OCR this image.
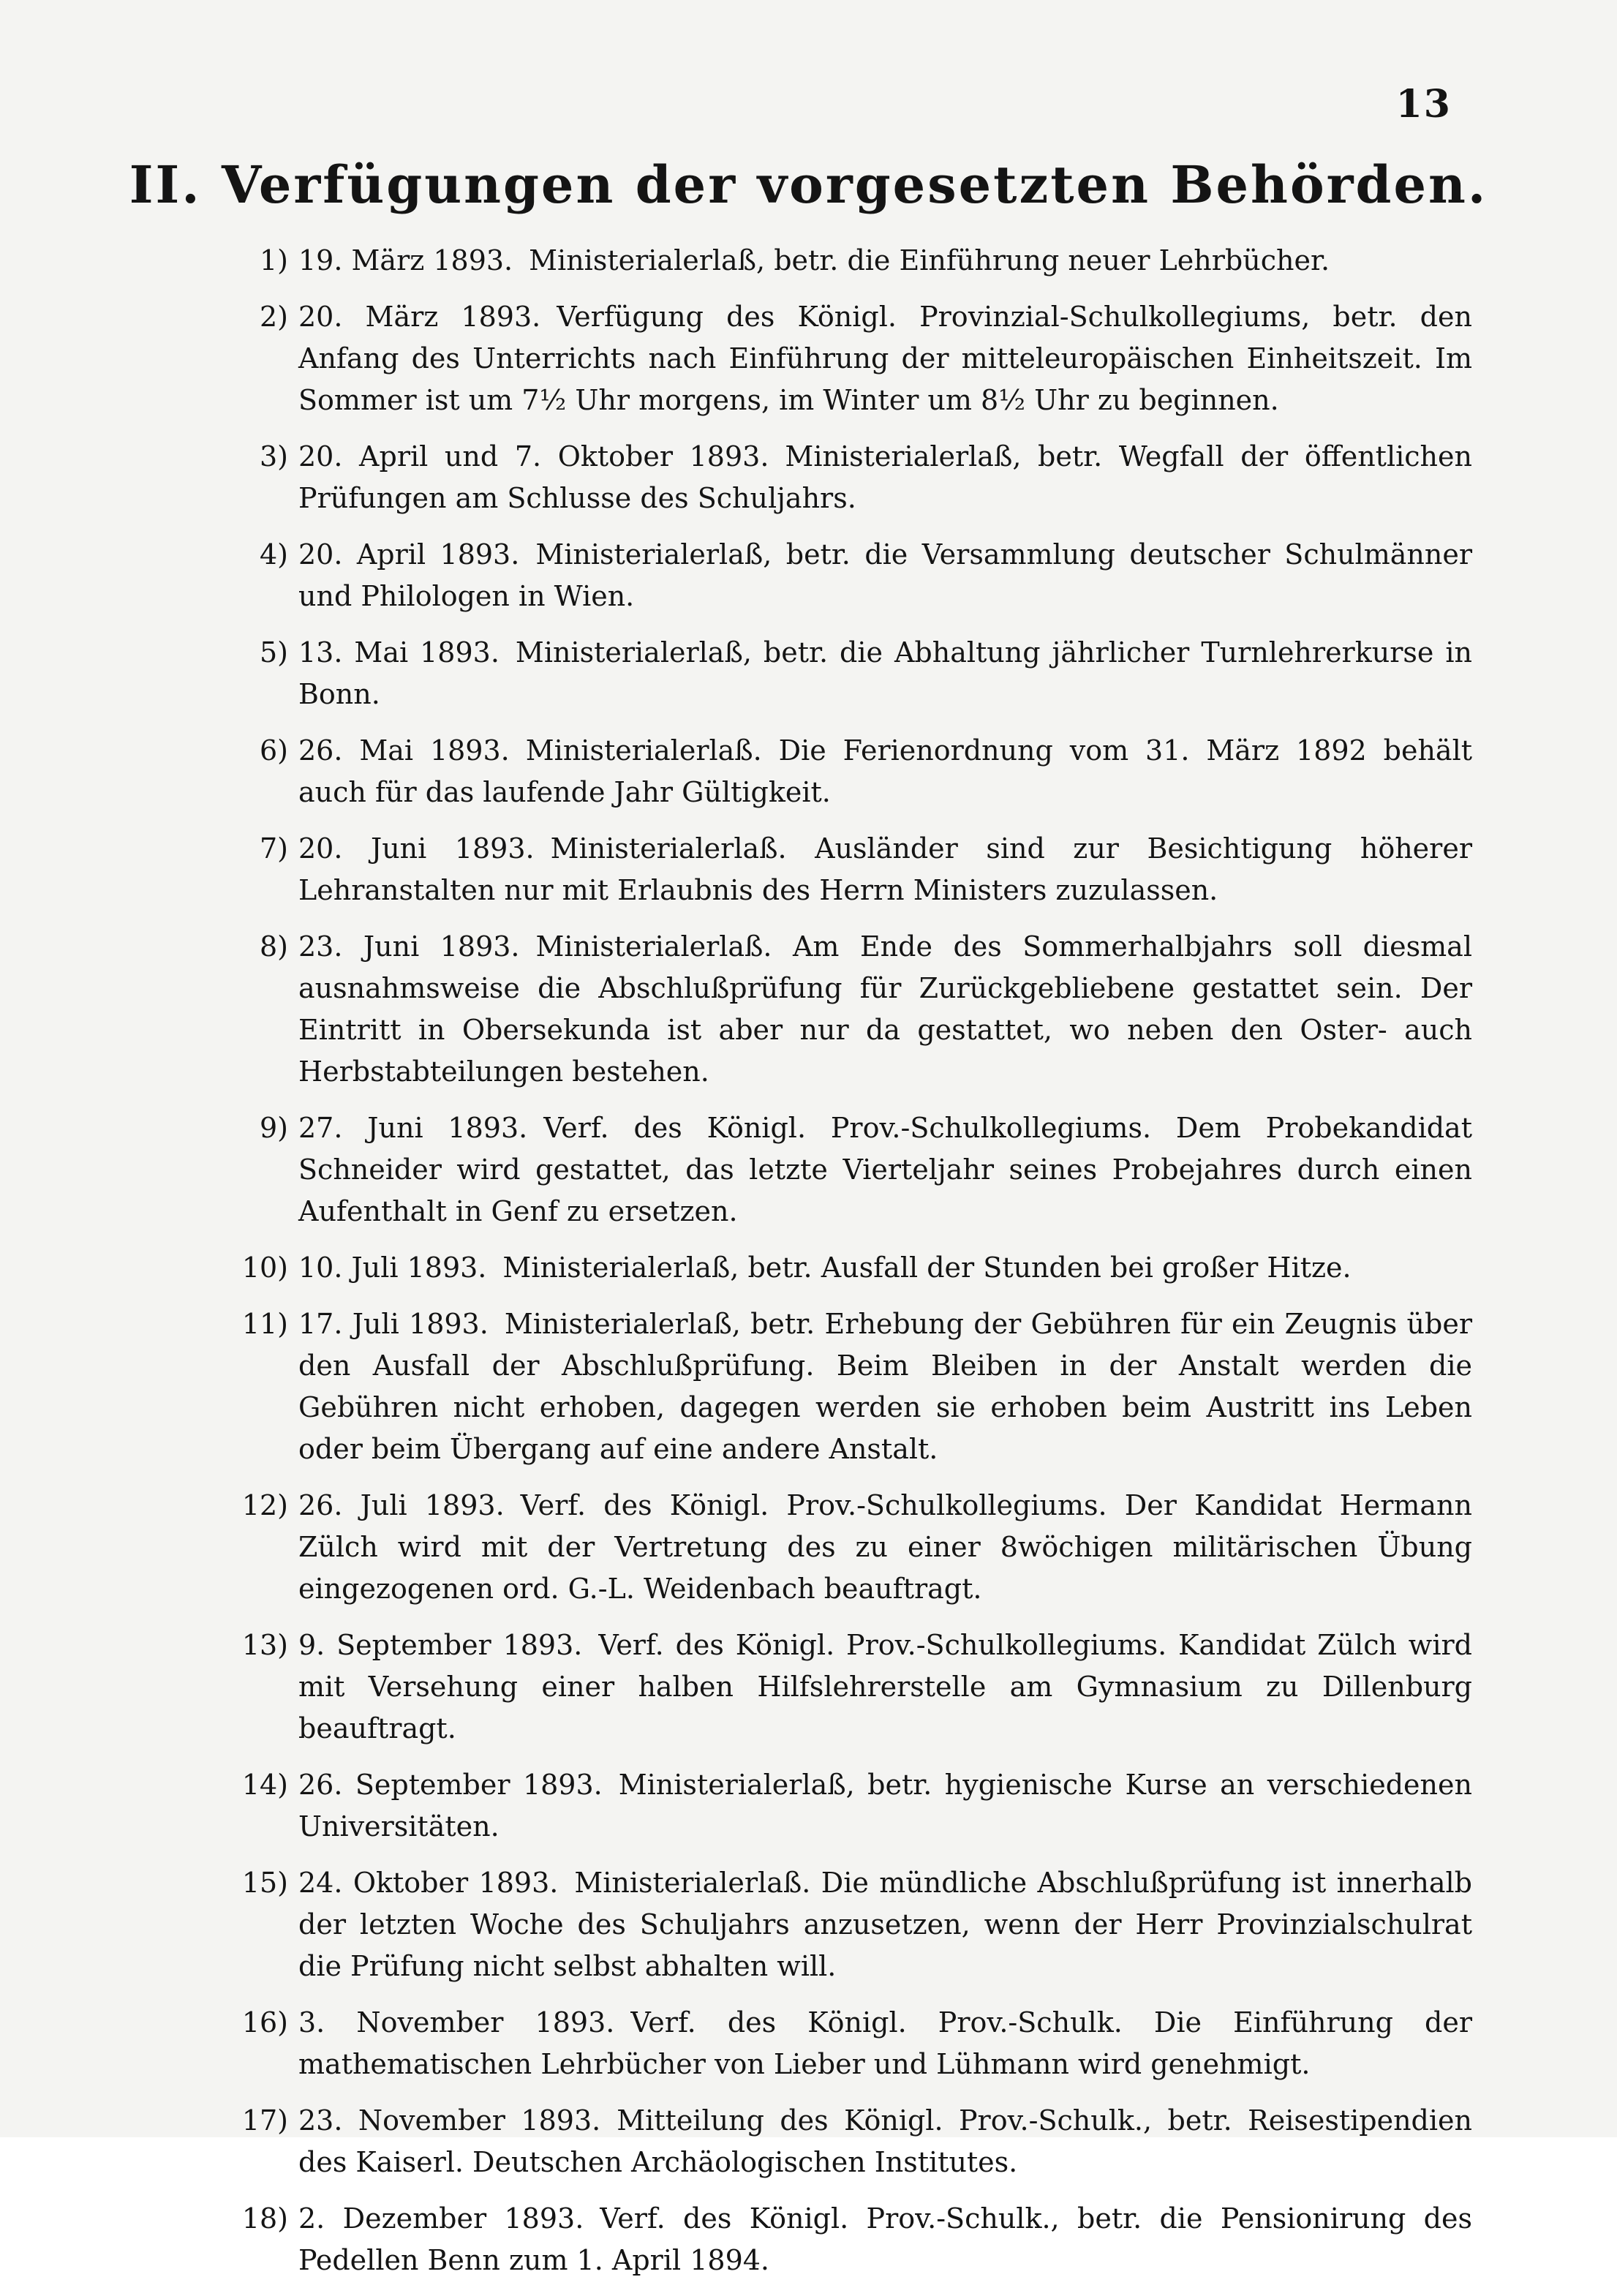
13
II. Verfügungen der vorgesetzten Behörden.
1) 19. März 1893. Ministerialerlaß, betr. die Einführung neuer Lehrbücher.
2) 20. März 1893. Verfügung des Königl. Provinzial-Schulkollegiums, betr. den Anfang des Unterrichts nach Einführung der mitteleuropäischen Einheitszeit. Im Sommer ist um 7½ Uhr morgens, im Winter um 8½ Uhr zu beginnen.
3) 20. April und 7. Oktober 1893. Ministerialerlaß, betr. Wegfall der öffentlichen Prüfungen am Schlusse des Schuljahrs.
4) 20. April 1893. Ministerialerlaß, betr. die Versammlung deutscher Schulmänner und Philologen in Wien.
5) 13. Mai 1893. Ministerialerlaß, betr. die Abhaltung jährlicher Turnlehrerkurse in Bonn.
6) 26. Mai 1893. Ministerialerlaß. Die Ferienordnung vom 31. März 1892 behält auch für das laufende Jahr Gültigkeit.
7) 20. Juni 1893. Ministerialerlaß. Ausländer sind zur Besichtigung höherer Lehranstalten nur mit Erlaubnis des Herrn Ministers zuzulassen.
8) 23. Juni 1893. Ministerialerlaß. Am Ende des Sommerhalbjahrs soll diesmal ausnahmsweise die Abschlußprüfung für Zurückgebliebene gestattet sein. Der Eintritt in Obersekunda ist aber nur da gestattet, wo neben den Oster- auch Herbstabteilungen bestehen.
9) 27. Juni 1893. Verf. des Königl. Prov.-Schulkollegiums. Dem Probekandidat Schneider wird gestattet, das letzte Vierteljahr seines Probejahres durch einen Aufenthalt in Genf zu ersetzen.
10) 10. Juli 1893. Ministerialerlaß, betr. Ausfall der Stunden bei großer Hitze.
11) 17. Juli 1893. Ministerialerlaß, betr. Erhebung der Gebühren für ein Zeugnis über den Ausfall der Abschlußprüfung. Beim Bleiben in der Anstalt werden die Gebühren nicht erhoben, dagegen werden sie erhoben beim Austritt ins Leben oder beim Übergang auf eine andere Anstalt.
12) 26. Juli 1893. Verf. des Königl. Prov.-Schulkollegiums. Der Kandidat Hermann Zülch wird mit der Vertretung des zu einer 8wöchigen militärischen Übung eingezogenen ord. G.-L. Weidenbach beauftragt.
13) 9. September 1893. Verf. des Königl. Prov.-Schulkollegiums. Kandidat Zülch wird mit Versehung einer halben Hilfslehrerstelle am Gymnasium zu Dillenburg beauftragt.
14) 26. September 1893. Ministerialerlaß, betr. hygienische Kurse an verschiedenen Universitäten.
15) 24. Oktober 1893. Ministerialerlaß. Die mündliche Abschlußprüfung ist innerhalb der letzten Woche des Schuljahrs anzusetzen, wenn der Herr Provinzialschulrat die Prüfung nicht selbst abhalten will.
16) 3. November 1893. Verf. des Königl. Prov.-Schulk. Die Einführung der mathematischen Lehrbücher von Lieber und Lühmann wird genehmigt.
17) 23. November 1893. Mitteilung des Königl. Prov.-Schulk., betr. Reisestipendien des Kaiserl. Deutschen Archäologischen Institutes.
18) 2. Dezember 1893. Verf. des Königl. Prov.-Schulk., betr. die Pensionirung des Pedellen Benn zum 1. April 1894.
